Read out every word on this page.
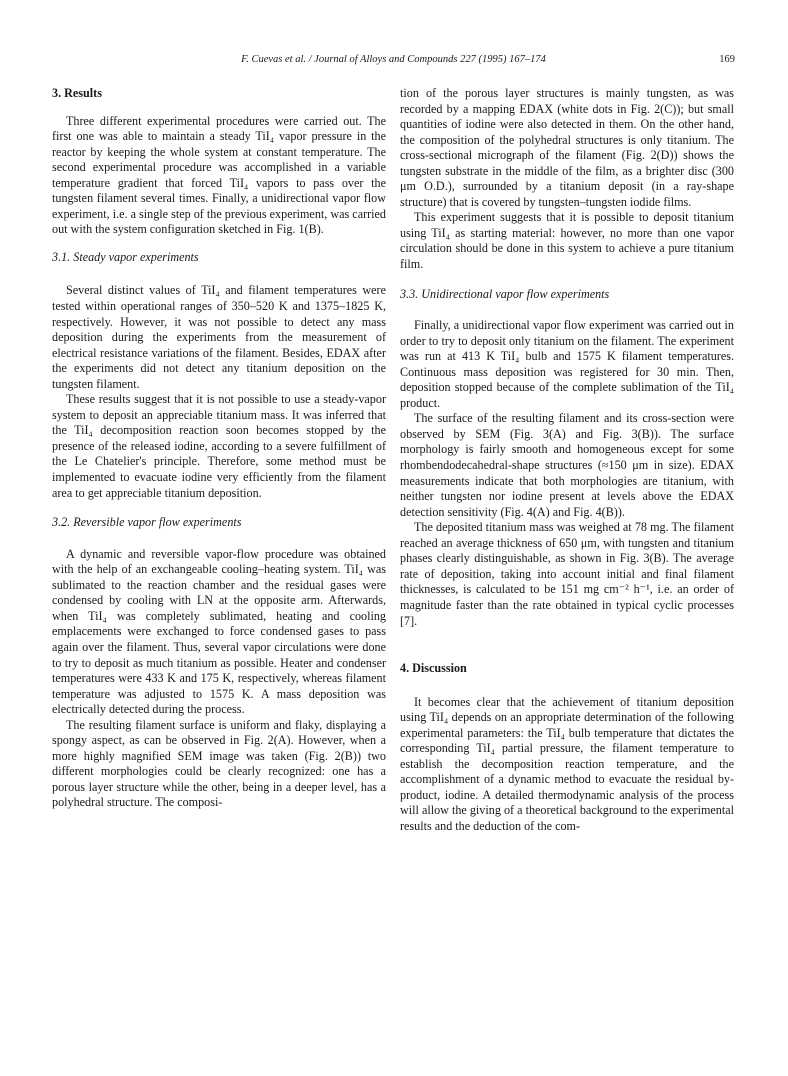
F. Cuevas et al. / Journal of Alloys and Compounds 227 (1995) 167–174	169

3. Results

Three different experimental procedures were carried out. The first one was able to maintain a steady TiI₄ vapor pressure in the reactor by keeping the whole system at constant temperature. The second experimental procedure was accomplished in a variable temperature gradient that forced TiI₄ vapors to pass over the tungsten filament several times. Finally, a unidirectional vapor flow experiment, i.e. a single step of the previous experiment, was carried out with the system configuration sketched in Fig. 1(B).

3.1. Steady vapor experiments

Several distinct values of TiI₄ and filament temperatures were tested within operational ranges of 350–520 K and 1375–1825 K, respectively. However, it was not possible to detect any mass deposition during the experiments from the measurement of electrical resistance variations of the filament. Besides, EDAX after the experiments did not detect any titanium deposition on the tungsten filament.

These results suggest that it is not possible to use a steady-vapor system to deposit an appreciable titanium mass. It was inferred that the TiI₄ decomposition reaction soon becomes stopped by the presence of the released iodine, according to a severe fulfillment of the Le Chatelier's principle. Therefore, some method must be implemented to evacuate iodine very efficiently from the filament area to get appreciable titanium deposition.

3.2. Reversible vapor flow experiments

A dynamic and reversible vapor-flow procedure was obtained with the help of an exchangeable cooling–heating system. TiI₄ was sublimated to the reaction chamber and the residual gases were condensed by cooling with LN at the opposite arm. Afterwards, when TiI₄ was completely sublimated, heating and cooling emplacements were exchanged to force condensed gases to pass again over the filament. Thus, several vapor circulations were done to try to deposit as much titanium as possible. Heater and condenser temperatures were 433 K and 175 K, respectively, whereas filament temperature was adjusted to 1575 K. A mass deposition was electrically detected during the process.

The resulting filament surface is uniform and flaky, displaying a spongy aspect, as can be observed in Fig. 2(A). However, when a more highly magnified SEM image was taken (Fig. 2(B)) two different morphologies could be clearly recognized: one has a porous layer structure while the other, being in a deeper level, has a polyhedral structure. The composi-

tion of the porous layer structures is mainly tungsten, as was recorded by a mapping EDAX (white dots in Fig. 2(C)); but small quantities of iodine were also detected in them. On the other hand, the composition of the polyhedral structures is only titanium. The cross-sectional micrograph of the filament (Fig. 2(D)) shows the tungsten substrate in the middle of the film, as a brighter disc (300 μm O.D.), surrounded by a titanium deposit (in a ray-shape structure) that is covered by tungsten–tungsten iodide films.

This experiment suggests that it is possible to deposit titanium using TiI₄ as starting material: however, no more than one vapor circulation should be done in this system to achieve a pure titanium film.

3.3. Unidirectional vapor flow experiments

Finally, a unidirectional vapor flow experiment was carried out in order to try to deposit only titanium on the filament. The experiment was run at 413 K TiI₄ bulb and 1575 K filament temperatures. Continuous mass deposition was registered for 30 min. Then, deposition stopped because of the complete sublimation of the TiI₄ product.

The surface of the resulting filament and its cross-section were observed by SEM (Fig. 3(A) and Fig. 3(B)). The surface morphology is fairly smooth and homogeneous except for some rhombendodecahedral-shape structures (≈150 μm in size). EDAX measurements indicate that both morphologies are titanium, with neither tungsten nor iodine present at levels above the EDAX detection sensitivity (Fig. 4(A) and Fig. 4(B)).

The deposited titanium mass was weighed at 78 mg. The filament reached an average thickness of 650 μm, with tungsten and titanium phases clearly distinguishable, as shown in Fig. 3(B). The average rate of deposition, taking into account initial and final filament thicknesses, is calculated to be 151 mg cm⁻² h⁻¹, i.e. an order of magnitude faster than the rate obtained in typical cyclic processes [7].

4. Discussion

It becomes clear that the achievement of titanium deposition using TiI₄ depends on an appropriate determination of the following experimental parameters: the TiI₄ bulb temperature that dictates the corresponding TiI₄ partial pressure, the filament temperature to establish the decomposition reaction temperature, and the accomplishment of a dynamic method to evacuate the residual by-product, iodine. A detailed thermodynamic analysis of the process will allow the giving of a theoretical background to the experimental results and the deduction of the com-
